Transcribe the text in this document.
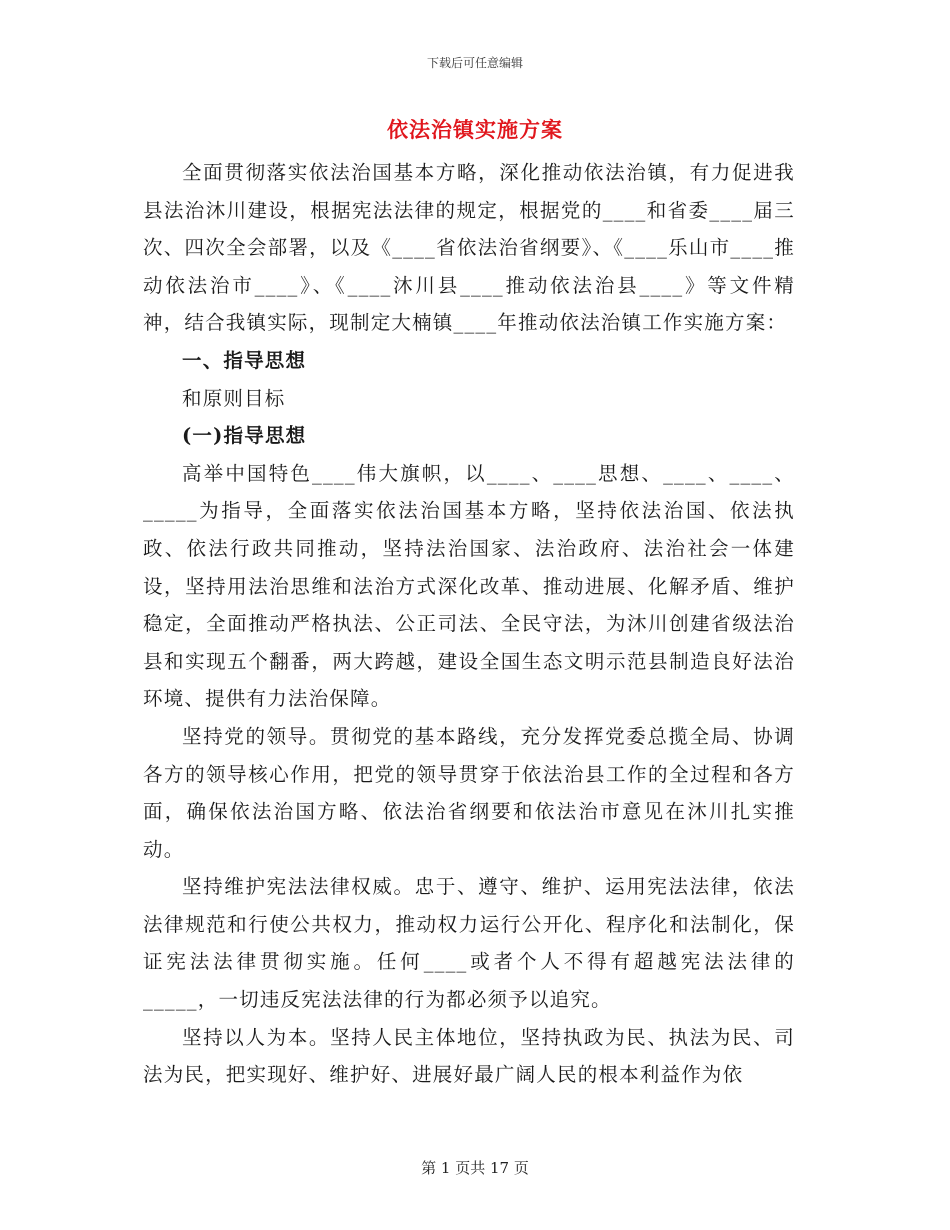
下载后可任意编辑
依法治镇实施方案

全面贯彻落实依法治国基本方略，深化推动依法治镇，有力促进我县法治沐川建设，根据宪法法律的规定，根据党的____和省委____届三次、四次全会部署，以及《____省依法治省纲要》、《____乐山市____推动依法治市____》、《____沐川县____推动依法治县____》等文件精神，结合我镇实际，现制定大楠镇____年推动依法治镇工作实施方案：

一、指导思想

和原则目标

(一)指导思想

高举中国特色____伟大旗帜，以____、____思想、____、____、_____为指导，全面落实依法治国基本方略，坚持依法治国、依法执政、依法行政共同推动，坚持法治国家、法治政府、法治社会一体建设，坚持用法治思维和法治方式深化改革、推动进展、化解矛盾、维护稳定，全面推动严格执法、公正司法、全民守法，为沐川创建省级法治县和实现五个翻番，两大跨越，建设全国生态文明示范县制造良好法治环境、提供有力法治保障。

坚持党的领导。贯彻党的基本路线，充分发挥党委总揽全局、协调各方的领导核心作用，把党的领导贯穿于依法治县工作的全过程和各方面，确保依法治国方略、依法治省纲要和依法治市意见在沐川扎实推动。

坚持维护宪法法律权威。忠于、遵守、维护、运用宪法法律，依法法律规范和行使公共权力，推动权力运行公开化、程序化和法制化，保证宪法法律贯彻实施。任何____或者个人不得有超越宪法法律的_____，一切违反宪法法律的行为都必须予以追究。

坚持以人为本。坚持人民主体地位，坚持执政为民、执法为民、司法为民，把实现好、维护好、进展好最广阔人民的根本利益作为依

第 1 页共 17 页
